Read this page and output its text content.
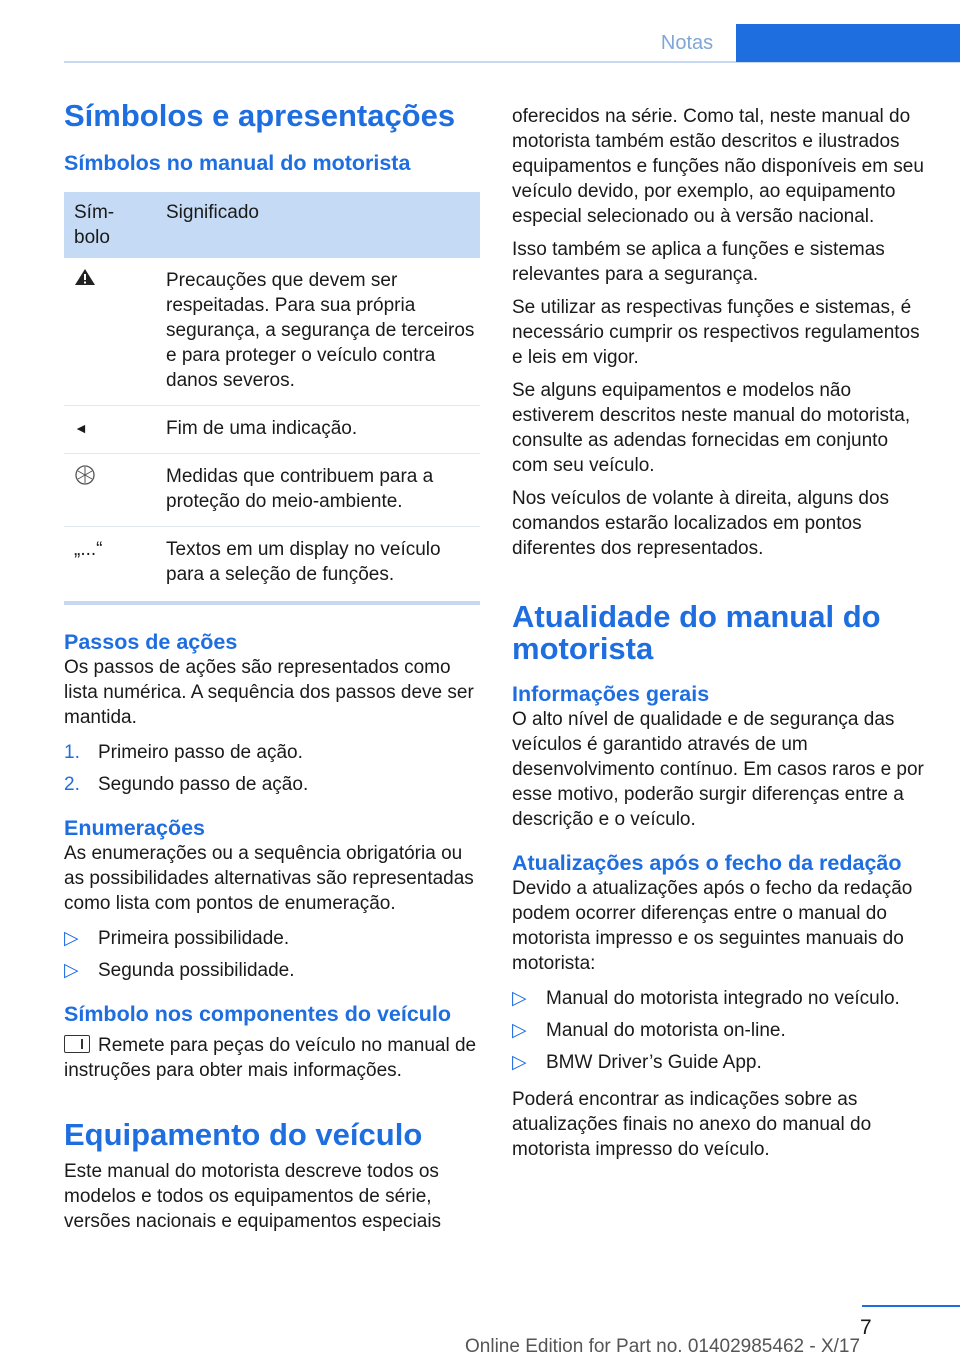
Notas
Símbolos e apresentações
Símbolos no manual do motorista
Sím-
bolo	Significado
	Precauções que devem ser respeitadas. Para sua própria segurança, a segurança de terceiros e para proteger o veículo contra danos severos.
◄	Fim de uma indicação.
	Medidas que contribuem para a proteção do meio-ambiente.
„...“	Textos em um display no veículo para a seleção de funções.
Passos de ações

Os passos de ações são representados como lista numérica. A sequência dos passos deve ser mantida.

1. Primeiro passo de ação.
2. Segundo passo de ação.
Enumerações

As enumerações ou a sequência obrigatória ou as possibilidades alternativas são representadas como lista com pontos de enumeração.

▷ Primeira possibilidade.
▷ Segunda possibilidade.
Símbolo nos componentes do veículo

Remete para peças do veículo no manual de instruções para obter mais informações.

Equipamento do veículo

Este manual do motorista descreve todos os modelos e todos os equipamentos de série, versões nacionais e equipamentos especiais

oferecidos na série. Como tal, neste manual do motorista também estão descritos e ilustrados equipamentos e funções não disponíveis em seu veículo devido, por exemplo, ao equipamento especial selecionado ou à versão nacional.

Isso também se aplica a funções e sistemas relevantes para a segurança.

Se utilizar as respectivas funções e sistemas, é necessário cumprir os respectivos regulamentos e leis em vigor.

Se alguns equipamentos e modelos não estiverem descritos neste manual do motorista, consulte as adendas fornecidas em conjunto com seu veículo.

Nos veículos de volante à direita, alguns dos comandos estarão localizados em pontos diferentes dos representados.

Atualidade do manual do motorista
Informações gerais

O alto nível de qualidade e de segurança das veículos é garantido através de um desenvolvimento contínuo. Em casos raros e por esse motivo, poderão surgir diferenças entre a descrição e o veículo.

Atualizações após o fecho da redação

Devido a atualizações após o fecho da redação podem ocorrer diferenças entre o manual do motorista impresso e os seguintes manuais do motorista:

▷ Manual do motorista integrado no veículo.
▷ Manual do motorista on-line.
▷ BMW Driver’s Guide App.

Poderá encontrar as indicações sobre as atualizações finais no anexo do manual do motorista impresso do veículo.

7
Online Edition for Part no. 01402985462 - X/17
